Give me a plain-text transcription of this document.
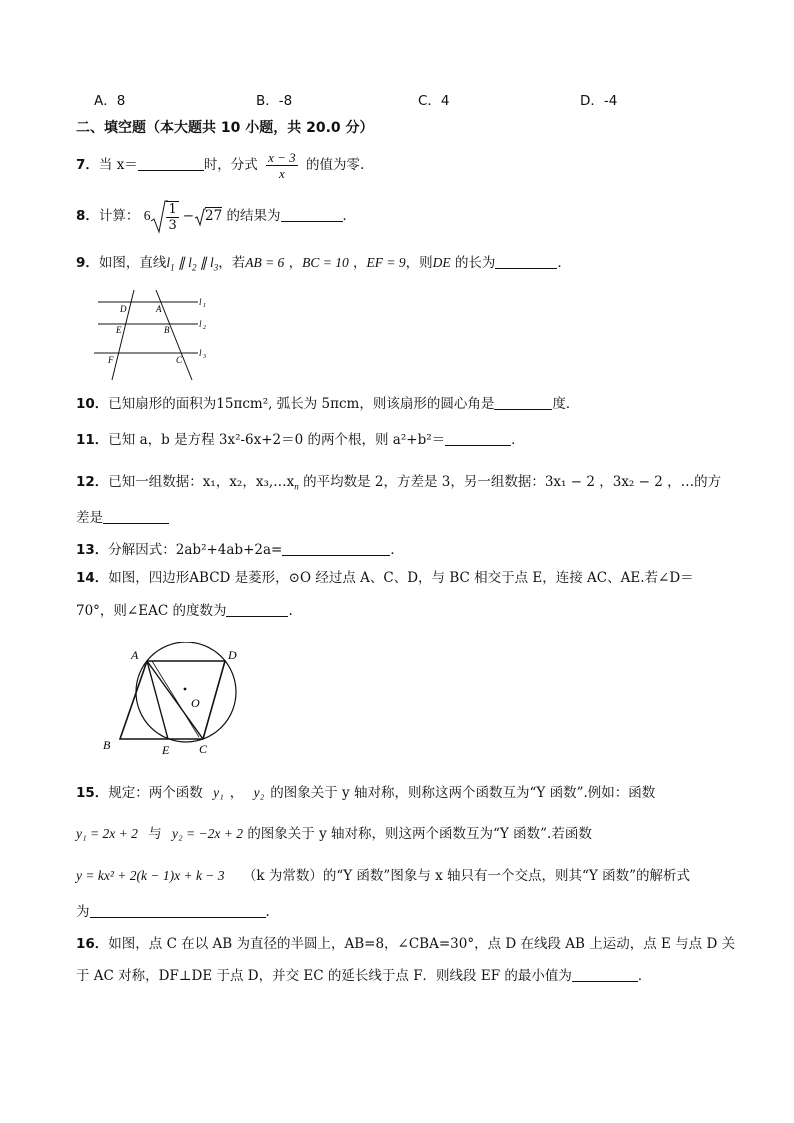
A．8	B．-8	C．4	D．-4
二、填空题（本大题共 10 小题，共 20.0 分）
7．当 x＝	时，分式 $\frac{x - 3}{x}$ 的值为零.
8．计算： $6 \frac{1}{3} - 27$ 的结果为	．
9．如图，直线$l_1$ ∥ $l_2$ ∥ $l_3$，若AB = 6 ，BC = 10 ，EF = 9，则DE 的长为	．
D	A
E	B
F	C
l 1
l 2
l 3
10．已知扇形的面积为15πcm², 弧长为 5πcm，则该扇形的圆心角是	度．
11．已知 a，b 是方程 3x²-6x+2＝0 的两个根，则 a²+b²＝	．
12．已知一组数据：x₁，x₂，$x_3,\dots x_n$ 的平均数是 2，方差是 3，另一组数据：3x₁ − 2 ，3x₂ − 2 ，…的方
差是
13．分解因式：2ab²+4ab+2a=	．
14．如图，四边形ABCD 是菱形，⊙O 经过点 A、C、D，与 BC 相交于点 E，连接 AC、AE.若∠D＝
70°，则∠EAC 的度数为	.
A	D
O
B	E C
15．规定：两个函数 y₁ ， y₂ 的图象关于 y 轴对称，则称这两个函数互为“Y 函数”.例如：函数
y₁ = 2x + 2 与 y₂ = −2x + 2 的图象关于 y 轴对称，则这两个函数互为“Y 函数”.若函数
y = kx² + 2(k − 1)x + k − 3 （k 为常数）的“Y 函数”图象与 x 轴只有一个交点，则其“Y 函数”的解析式
为	.
16．如图，点 C 在以 AB 为直径的半圆上，AB=8，∠CBA=30°，点 D 在线段 AB 上运动，点 E 与点 D 关
于 AC 对称，DF⊥DE 于点 D，并交 EC 的延长线于点 F．则线段 EF 的最小值为	．
